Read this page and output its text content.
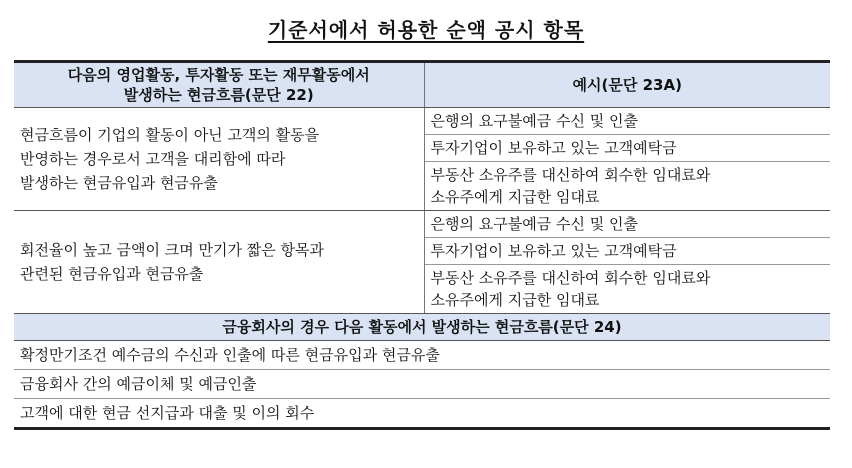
기준서에서 허용한 순액 공시 항목
다음의 영업활동, 투자활동 또는 재무활동에서
발생하는 현금흐름(문단 22)	예시(문단 23A)

현금흐름이 기업의 활동이 아닌 고객의 활동을
반영하는 경우로서 고객을 대리함에 따라
발생하는 현금유입과 현금유출	은행의 요구불예금 수신 및 인출
	투자기업이 보유하고 있는 고객예탁금

	부동산 소유주를 대신하여 회수한 임대료와
소유주에게 지급한 임대료

회전율이 높고 금액이 크며 만기가 짧은 항목과
관련된 현금유입과 현금유출	은행의 요구불예금 수신 및 인출
	투자기업이 보유하고 있는 고객예탁금

	부동산 소유주를 대신하여 회수한 임대료와
소유주에게 지급한 임대료

금융회사의 경우 다음 활동에서 발생하는 현금흐름(문단 24)	
확정만기조건 예수금의 수신과 인출에 따른 현금유입과 현금유출	
금융회사 간의 예금이체 및 예금인출	
고객에 대한 현금 선지급과 대출 및 이의 회수	
